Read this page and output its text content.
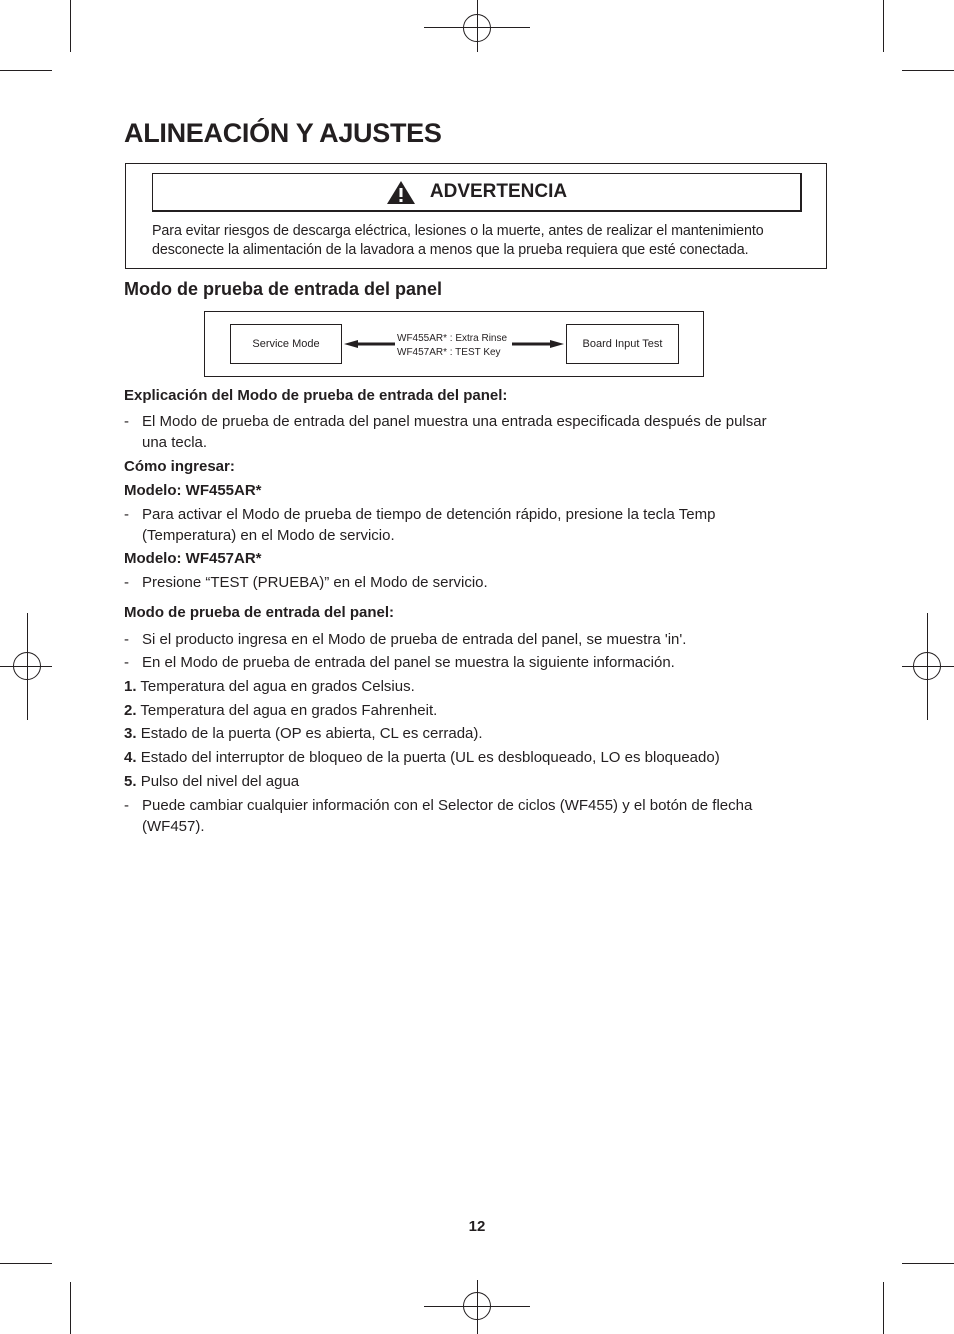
ALINEACIÓN Y AJUSTES
ADVERTENCIA
Para evitar riesgos de descarga eléctrica, lesiones o la muerte, antes de realizar el mantenimiento
desconecte la alimentación de la lavadora a menos que la prueba requiera que esté conectada.
Modo de prueba de entrada del panel
Service Mode	WF455AR* : Extra Rinse
WF457AR* : TEST Key
Board Input Test
Explicación del Modo de prueba de entrada del panel:
- El Modo de prueba de entrada del panel muestra una entrada especificada después de pulsar
una tecla.
Cómo ingresar:
Modelo: WF455AR*
- Para activar el Modo de prueba de tiempo de detención rápido, presione la tecla Temp
(Temperatura) en el Modo de servicio.
Modelo: WF457AR*
- Presione “TEST (PRUEBA)” en el Modo de servicio.
Modo de prueba de entrada del panel:
- Si el producto ingresa en el Modo de prueba de entrada del panel, se muestra 'in'.
- En el Modo de prueba de entrada del panel se muestra la siguiente información.
1. Temperatura del agua en grados Celsius.
2. Temperatura del agua en grados Fahrenheit.
3. Estado de la puerta (OP es abierta, CL es cerrada).
4. Estado del interruptor de bloqueo de la puerta (UL es desbloqueado, LO es bloqueado)
5. Pulso del nivel del agua
- Puede cambiar cualquier información con el Selector de ciclos (WF455) y el botón de flecha
(WF457).
12
